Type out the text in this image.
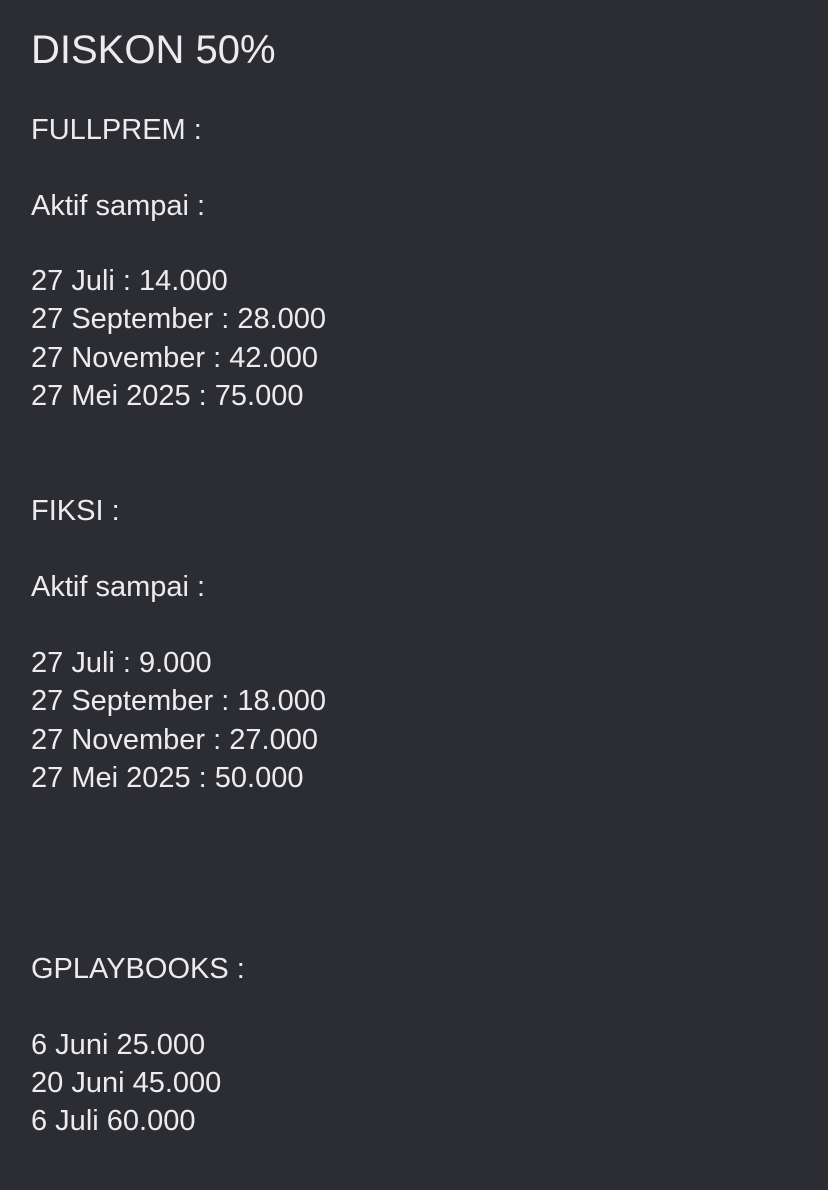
DISKON 50%
FULLPREM :
Aktif sampai :
27 Juli : 14.000
27 September : 28.000
27 November : 42.000
27 Mei 2025 : 75.000
FIKSI :
Aktif sampai :
27 Juli : 9.000
27 September : 18.000
27 November : 27.000
27 Mei 2025 : 50.000
GPLAYBOOKS :
6 Juni 25.000
20 Juni 45.000
6 Juli 60.000
